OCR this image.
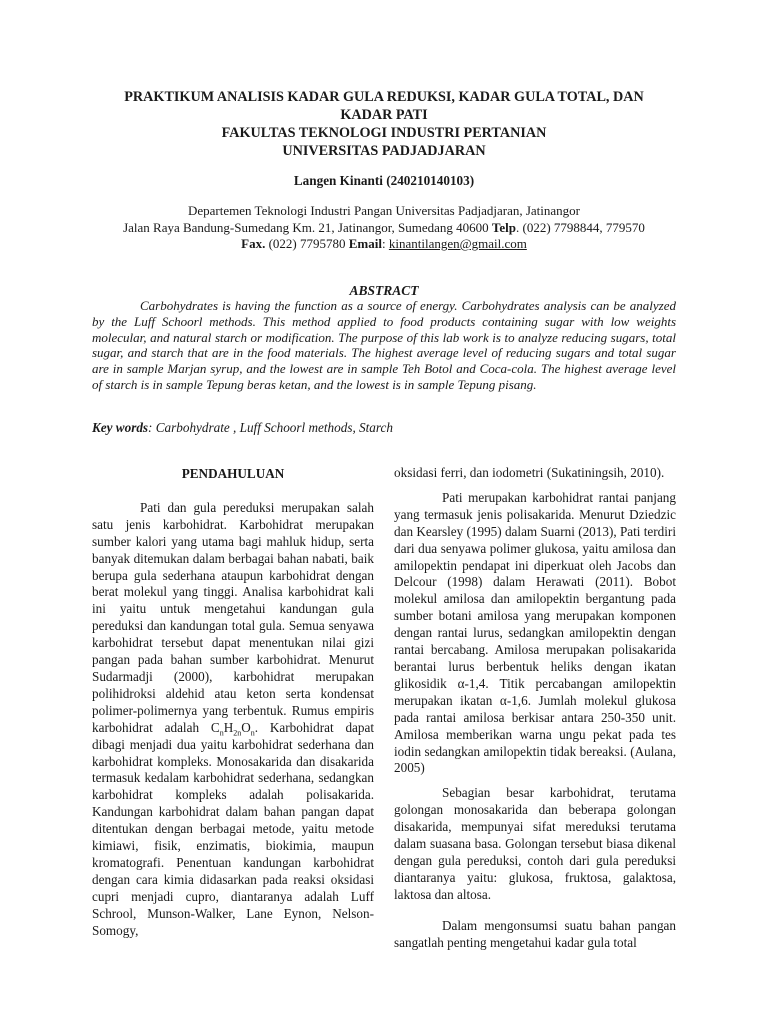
PRAKTIKUM ANALISIS KADAR GULA REDUKSI, KADAR GULA TOTAL, DAN
KADAR PATI
FAKULTAS TEKNOLOGI INDUSTRI PERTANIAN
UNIVERSITAS PADJADJARAN
Langen Kinanti (240210140103)
Departemen Teknologi Industri Pangan Universitas Padjadjaran, Jatinangor
Jalan Raya Bandung-Sumedang Km. 21, Jatinangor, Sumedang 40600 Telp. (022) 7798844, 779570
Fax. (022) 7795780 Email: kinantilangen@gmail.com
ABSTRACT
Carbohydrates is having the function as a source of energy. Carbohydrates analysis can be analyzed by the Luff Schoorl methods. This method applied to food products containing sugar with low weights molecular, and natural starch or modification. The purpose of this lab work is to analyze reducing sugars, total sugar, and starch that are in the food materials. The highest average level of reducing sugars and total sugar are in sample Marjan syrup, and the lowest are in sample Teh Botol and Coca-cola. The highest average level of starch is in sample Tepung beras ketan, and the lowest is in sample Tepung pisang.
Key words: Carbohydrate , Luff Schoorl methods, Starch
PENDAHULUAN

Pati dan gula pereduksi merupakan salah satu jenis karbohidrat. Karbohidrat merupakan sumber kalori yang utama bagi mahluk hidup, serta banyak ditemukan dalam berbagai bahan nabati, baik berupa gula sederhana ataupun karbohidrat dengan berat molekul yang tinggi. Analisa karbohidrat kali ini yaitu untuk mengetahui kandungan gula pereduksi dan kandungan total gula. Semua senyawa karbohidrat tersebut dapat menentukan nilai gizi pangan pada bahan sumber karbohidrat. Menurut Sudarmadji (2000), karbohidrat merupakan polihidroksi aldehid atau keton serta kondensat polimer-polimernya yang terbentuk. Rumus empiris karbohidrat adalah $C_nH_{2n}O_n$. Karbohidrat dapat dibagi menjadi dua yaitu karbohidrat sederhana dan karbohidrat kompleks. Monosakarida dan disakarida termasuk kedalam karbohidrat sederhana, sedangkan karbohidrat kompleks adalah polisakarida. Kandungan karbohidrat dalam bahan pangan dapat ditentukan dengan berbagai metode, yaitu metode kimiawi, fisik, enzimatis, biokimia, maupun kromatografi. Penentuan kandungan karbohidrat dengan cara kimia didasarkan pada reaksi oksidasi cupri menjadi cupro, diantaranya adalah Luff Schrool, Munson-Walker, Lane Eynon, Nelson-Somogy,

oksidasi ferri, dan iodometri (Sukatiningsih, 2010).

Pati merupakan karbohidrat rantai panjang yang termasuk jenis polisakarida. Menurut Dziedzic dan Kearsley (1995) dalam Suarni (2013), Pati terdiri dari dua senyawa polimer glukosa, yaitu amilosa dan amilopektin pendapat ini diperkuat oleh Jacobs dan Delcour (1998) dalam Herawati (2011). Bobot molekul amilosa dan amilopektin bergantung pada sumber botani amilosa yang merupakan komponen dengan rantai lurus, sedangkan amilopektin dengan rantai bercabang. Amilosa merupakan polisakarida berantai lurus berbentuk heliks dengan ikatan glikosidik α-1,4. Titik percabangan amilopektin merupakan ikatan α-1,6. Jumlah molekul glukosa pada rantai amilosa berkisar antara 250-350 unit. Amilosa memberikan warna ungu pekat pada tes iodin sedangkan amilopektin tidak bereaksi. (Aulana, 2005)

Sebagian besar karbohidrat, terutama golongan monosakarida dan beberapa golongan disakarida, mempunyai sifat mereduksi terutama dalam suasana basa. Golongan tersebut biasa dikenal dengan gula pereduksi, contoh dari gula pereduksi diantaranya yaitu: glukosa, fruktosa, galaktosa, laktosa dan altosa.

Dalam mengonsumsi suatu bahan pangan sangatlah penting mengetahui kadar gula total
